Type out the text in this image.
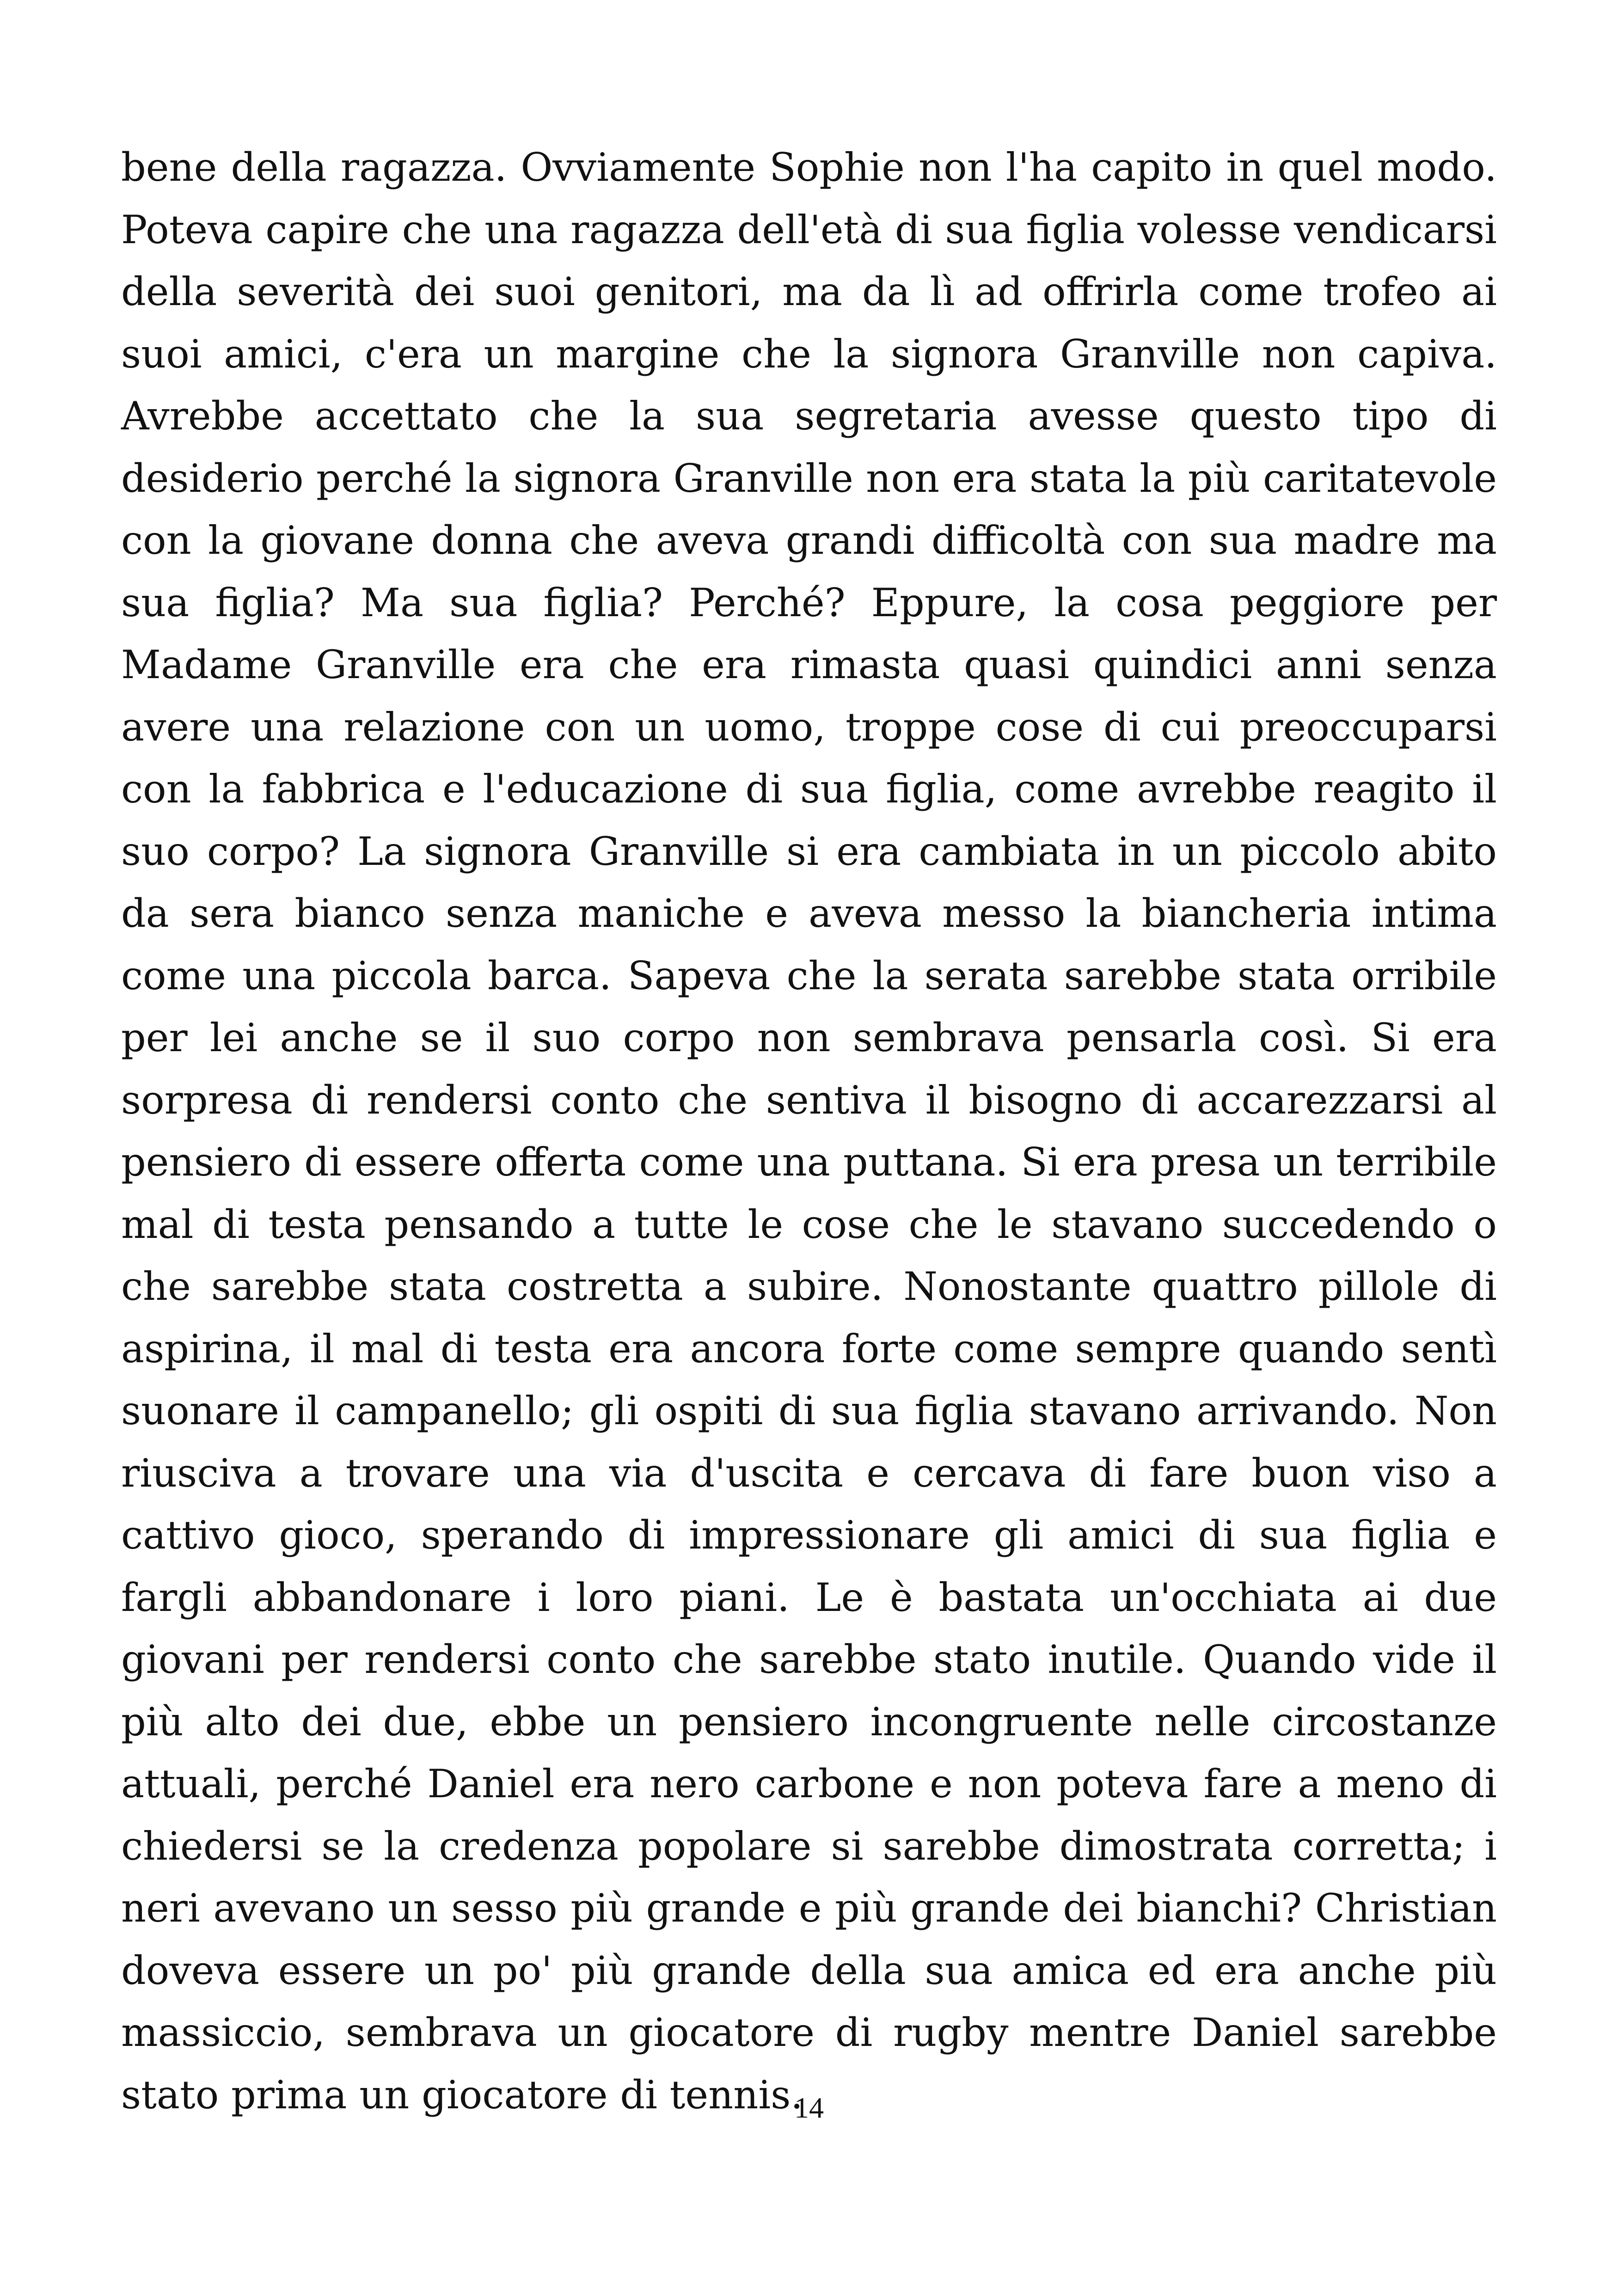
bene della ragazza. Ovviamente Sophie non l'ha capito in quel modo. Poteva capire che una ragazza dell'età di sua figlia volesse vendicarsi della severità dei suoi genitori, ma da lì ad offrirla come trofeo ai suoi amici, c'era un margine che la signora Granville non capiva. Avrebbe accettato che la sua segretaria avesse questo tipo di desiderio perché la signora Granville non era stata la più caritatevole con la giovane donna che aveva grandi difficoltà con sua madre ma sua figlia? Ma sua figlia? Perché? Eppure, la cosa peggiore per Madame Granville era che era rimasta quasi quindici anni senza avere una relazione con un uomo, troppe cose di cui preoccuparsi con la fabbrica e l'educazione di sua figlia, come avrebbe reagito il suo corpo? La signora Granville si era cambiata in un piccolo abito da sera bianco senza maniche e aveva messo la biancheria intima come una piccola barca. Sapeva che la serata sarebbe stata orribile per lei anche se il suo corpo non sembrava pensarla così. Si era sorpresa di rendersi conto che sentiva il bisogno di accarezzarsi al pensiero di essere offerta come una puttana. Si era presa un terribile mal di testa pensando a tutte le cose che le stavano succedendo o che sarebbe stata costretta a subire. Nonostante quattro pillole di aspirina, il mal di testa era ancora forte come sempre quando sentì suonare il campanello; gli ospiti di sua figlia stavano arrivando. Non riusciva a trovare una via d'uscita e cercava di fare buon viso a cattivo gioco, sperando di impressionare gli amici di sua figlia e fargli abbandonare i loro piani. Le è bastata un'occhiata ai due giovani per rendersi conto che sarebbe stato inutile. Quando vide il più alto dei due, ebbe un pensiero incongruente nelle circostanze attuali, perché Daniel era nero carbone e non poteva fare a meno di chiedersi se la credenza popolare si sarebbe dimostrata corretta; i neri avevano un sesso più grande e più grande dei bianchi? Christian doveva essere un po' più grande della sua amica ed era anche più massiccio, sembrava un giocatore di rugby mentre Daniel sarebbe stato prima un giocatore di tennis.

14
